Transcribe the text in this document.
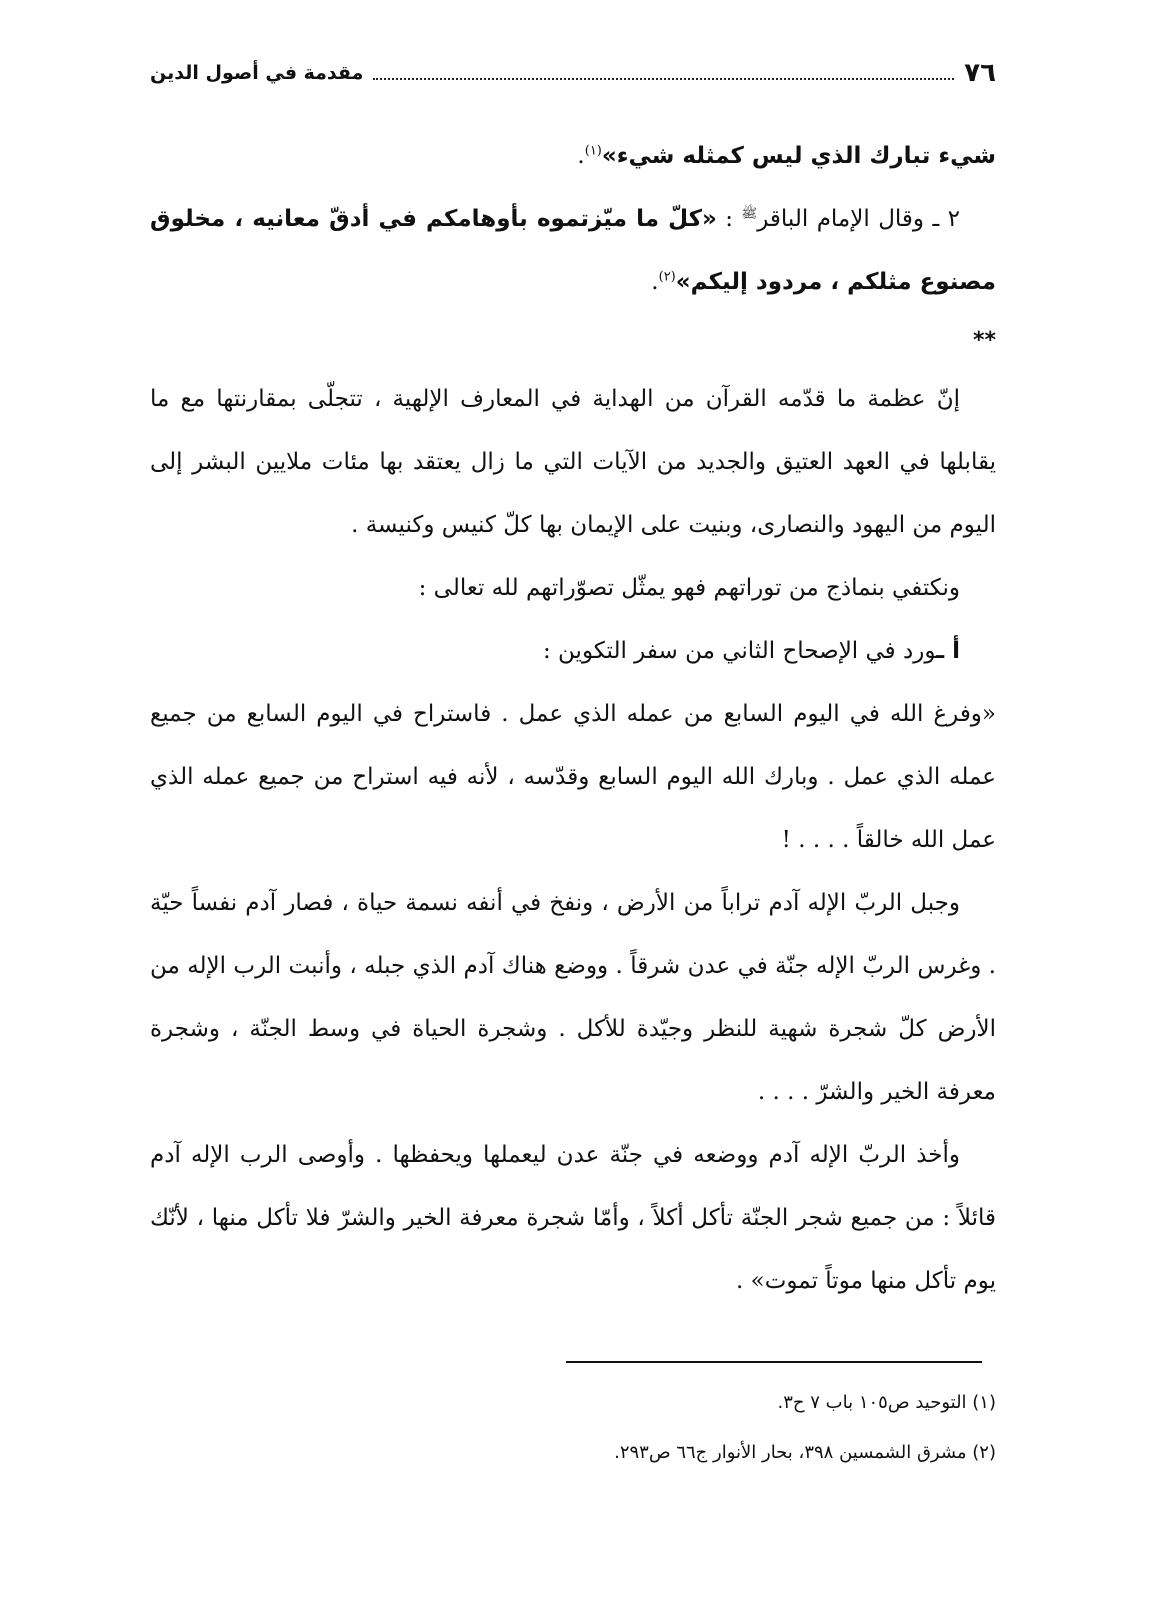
٧٦
مقدمة في أصول الدين

شيء تبارك الذي ليس كمثله شيء»$^{(١)}$.

٢ ـ وقال الإمام الباقر$^ﷺ$ : «كلّ ما ميّزتموه بأوهامكم في أدقّ معانيه ، مخلوق مصنوع مثلكم ، مردود إليكم»$^{(٢)}$.

**

إنّ عظمة ما قدّمه القرآن من الهداية في المعارف الإلهية ، تتجلّى بمقارنتها مع ما يقابلها في العهد العتيق والجديد من الآيات التي ما زال يعتقد بها مئات ملايين البشر إلى اليوم من اليهود والنصارى، وبنيت على الإيمان بها كلّ كنيس وكنيسة .

ونكتفي بنماذج من توراتهم فهو يمثّل تصوّراتهم لله تعالى :

أ ـورد في الإصحاح الثاني من سفر التكوين :

«وفرغ الله في اليوم السابع من عمله الذي عمل . فاستراح في اليوم السابع من جميع عمله الذي عمل . وبارك الله اليوم السابع وقدّسه ، لأنه فيه استراح من جميع عمله الذي عمل الله خالقاً . . . . !

وجبل الربّ الإله آدم تراباً من الأرض ، ونفخ في أنفه نسمة حياة ، فصار آدم نفساً حيّة . وغرس الربّ الإله جنّة في عدن شرقاً . ووضع هناك آدم الذي جبله ، وأنبت الرب الإله من الأرض كلّ شجرة شهية للنظر وجيّدة للأكل . وشجرة الحياة في وسط الجنّة ، وشجرة معرفة الخير والشرّ . . . .

وأخذ الربّ الإله آدم ووضعه في جنّة عدن ليعملها ويحفظها . وأوصى الرب الإله آدم قائلاً : من جميع شجر الجنّة تأكل أكلاً ، وأمّا شجرة معرفة الخير والشرّ فلا تأكل منها ، لأنّك يوم تأكل منها موتاً تموت» .

(١) التوحيد ص١٠٥ باب ٧ ح٣.

(٢) مشرق الشمسين ٣٩٨، بحار الأنوار ج٦٦ ص٢٩٣.
